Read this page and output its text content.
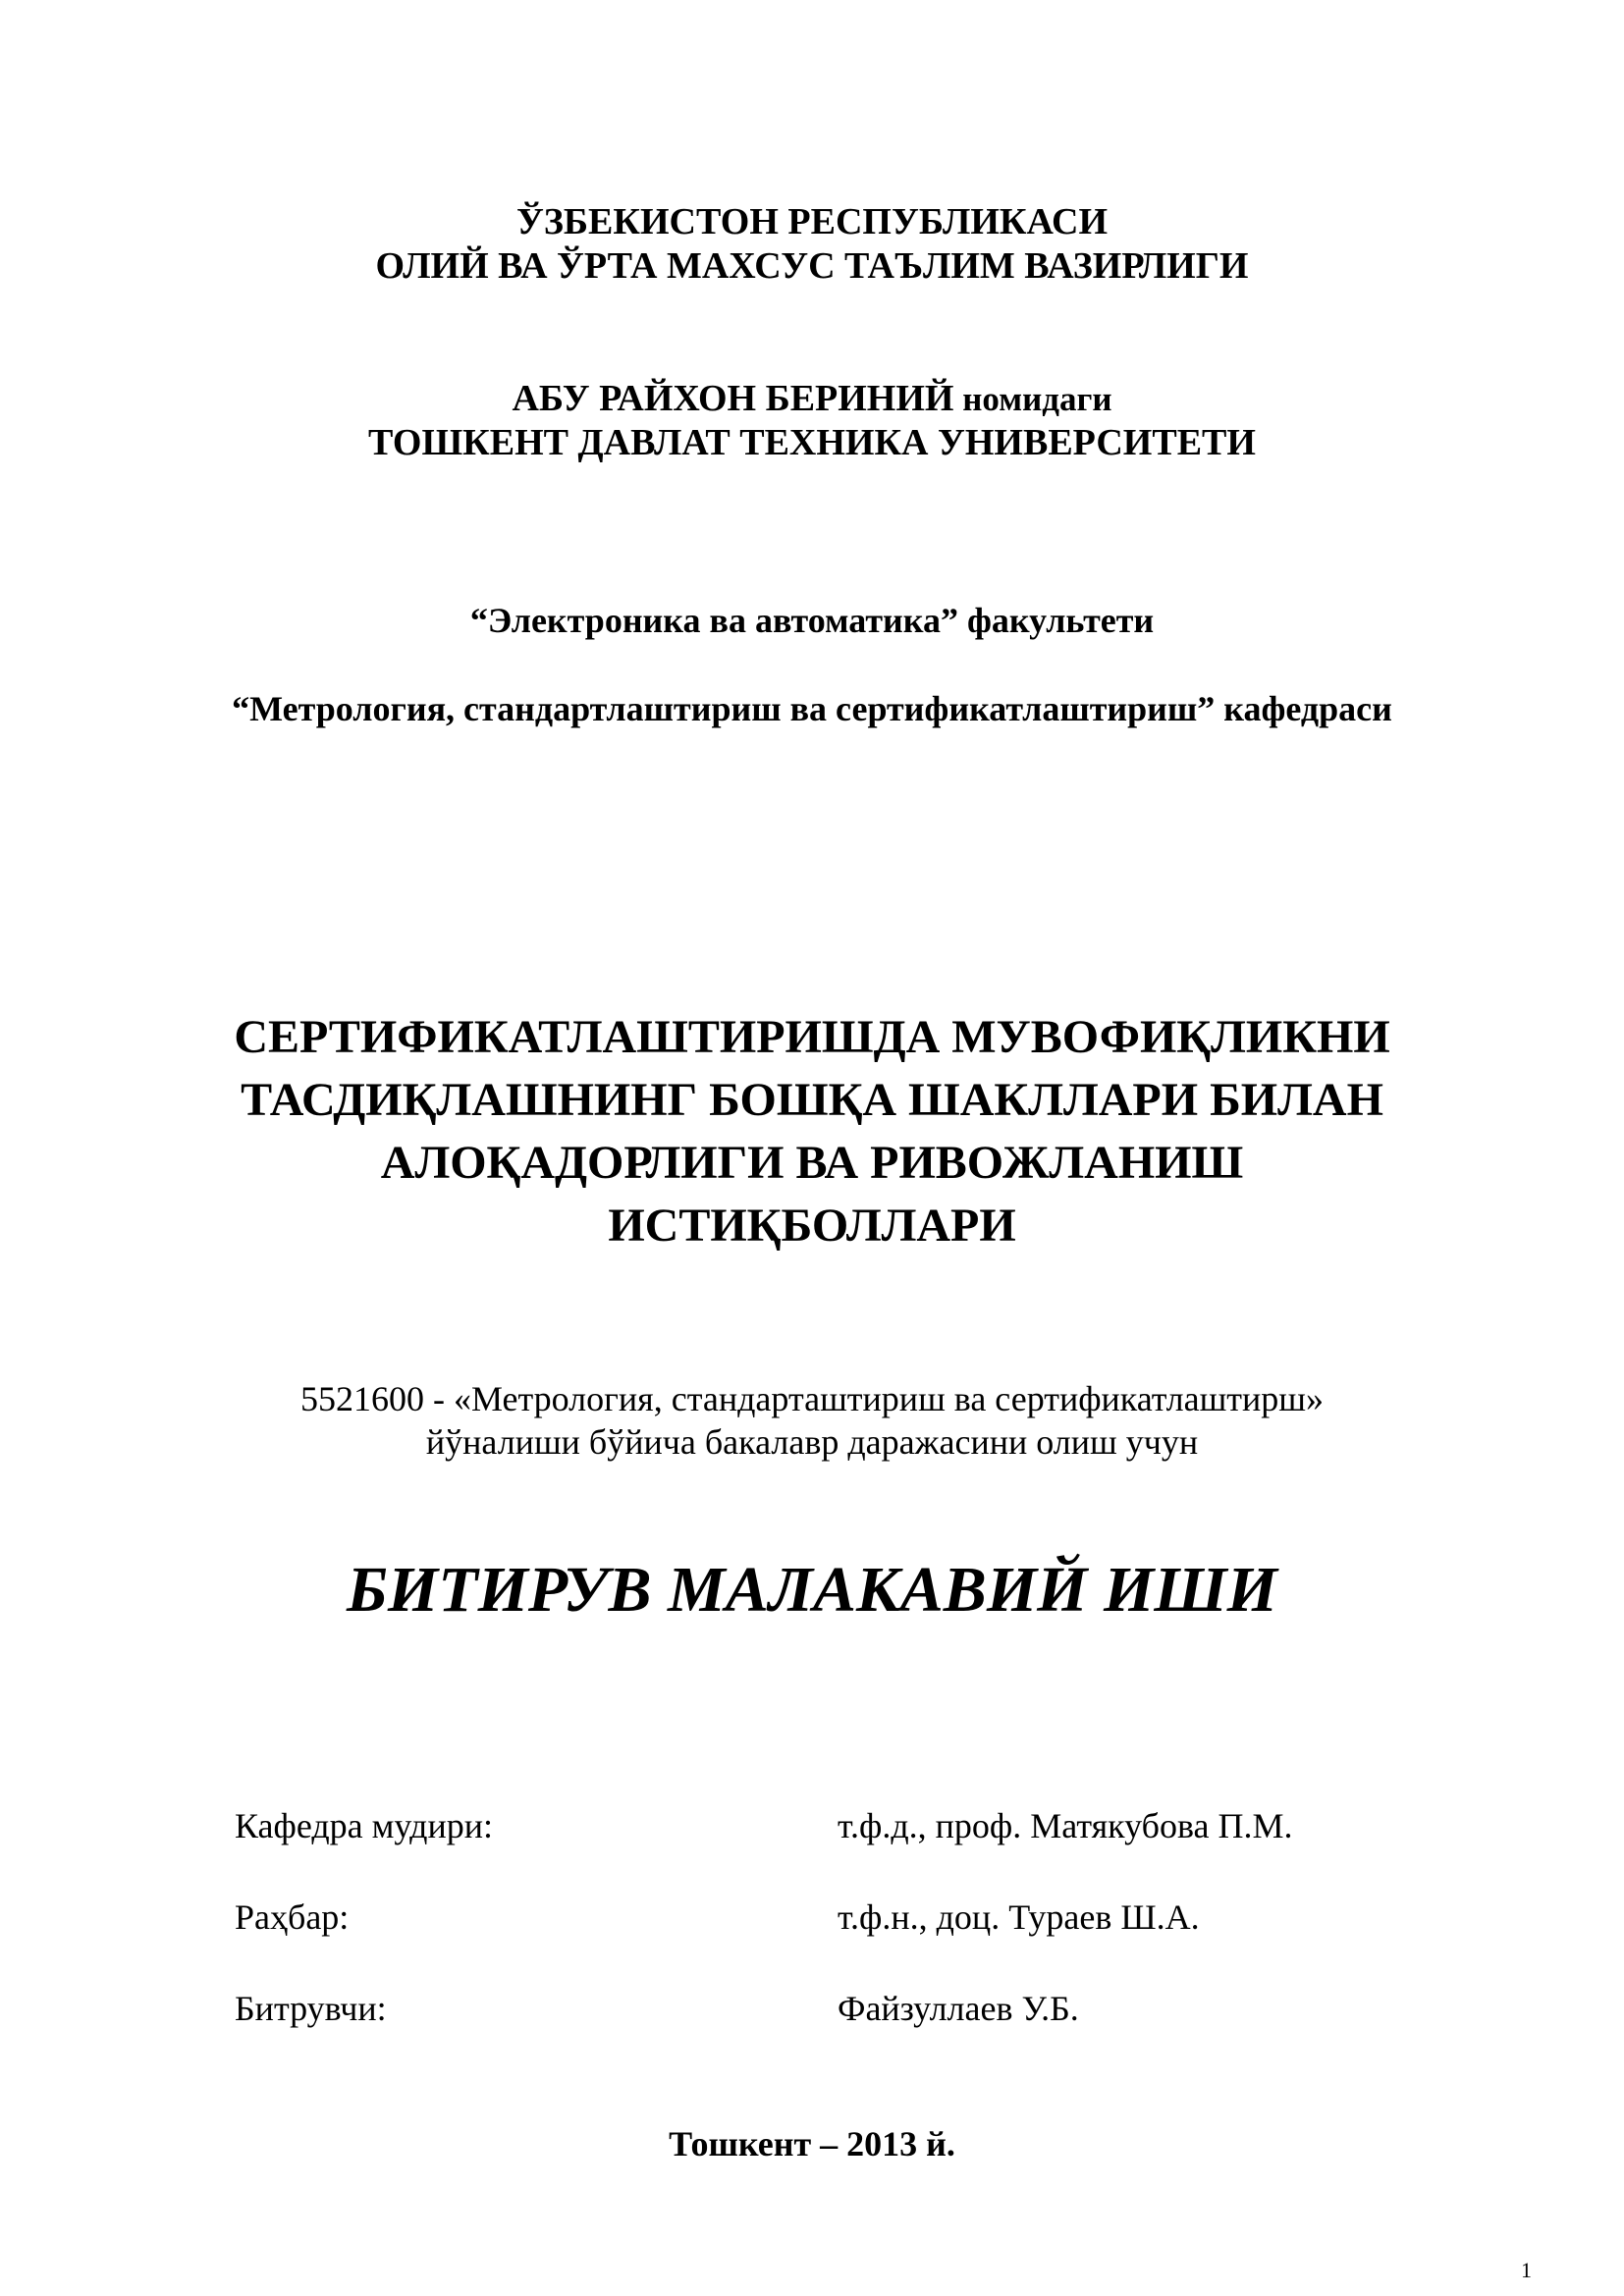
ЎЗБЕКИСТОН РЕСПУБЛИКАСИ

ОЛИЙ ВА ЎРТА МАХСУС ТАЪЛИМ ВАЗИРЛИГИ

АБУ РАЙХОН БЕРИНИЙ номидаги

ТОШКЕНТ ДАВЛАТ ТЕХНИКА УНИВЕРСИТЕТИ

“Электроника ва автоматика” факультети

“Метрология, стандартлаштириш ва сертификатлаштириш” кафедраси

СЕРТИФИКАТЛАШТИРИШДА МУВОФИҚЛИКНИ

ТАСДИҚЛАШНИНГ БОШҚА ШАКЛЛАРИ БИЛАН

АЛОҚАДОРЛИГИ ВА РИВОЖЛАНИШ

ИСТИҚБОЛЛАРИ

5521600 - «Метрология, стандарташтириш ва сертификатлаштирш»

йўналиши бўйича бакалавр даражасини олиш учун

БИТИРУВ МАЛАКАВИЙ ИШИ

Кафедра мудири:	т.ф.д., проф. Матякубова П.М.

Раҳбар:	т.ф.н., доц. Тураев Ш.А.

Битрувчи:	Файзуллаев У.Б.

Тошкент – 2013 й.

1
